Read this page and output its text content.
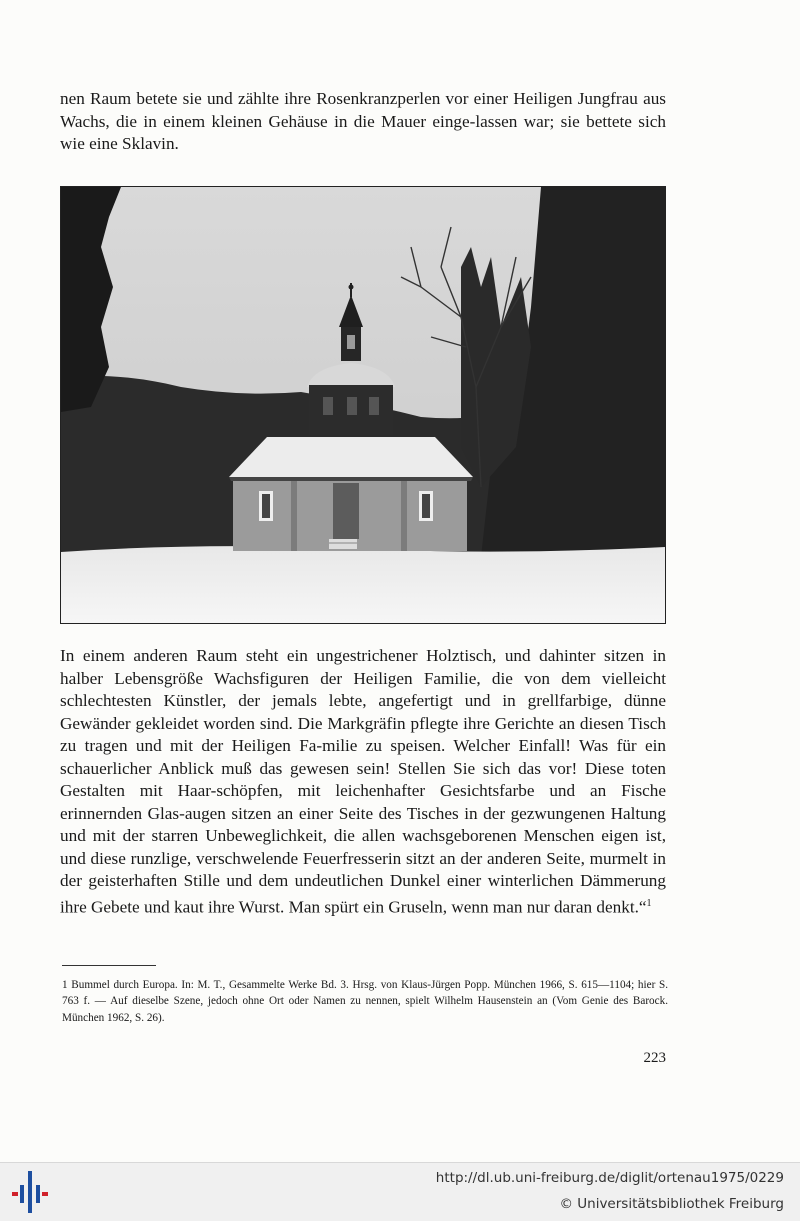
nen Raum betete sie und zählte ihre Rosenkranzperlen vor einer Heiligen Jungfrau aus Wachs, die in einem kleinen Gehäuse in die Mauer einge-lassen war; sie bettete sich wie eine Sklavin.

In einem anderen Raum steht ein ungestrichener Holztisch, und dahinter sitzen in halber Lebensgröße Wachsfiguren der Heiligen Familie, die von dem vielleicht schlechtesten Künstler, der jemals lebte, angefertigt und in grellfarbige, dünne Gewänder gekleidet worden sind. Die Markgräfin pflegte ihre Gerichte an diesen Tisch zu tragen und mit der Heiligen Fa-milie zu speisen. Welcher Einfall! Was für ein schauerlicher Anblick muß das gewesen sein! Stellen Sie sich das vor! Diese toten Gestalten mit Haar-schöpfen, mit leichenhafter Gesichtsfarbe und an Fische erinnernden Glas-augen sitzen an einer Seite des Tisches in der gezwungenen Haltung und mit der starren Unbeweglichkeit, die allen wachsgeborenen Menschen eigen ist, und diese runzlige, verschwelende Feuerfresserin sitzt an der anderen Seite, murmelt in der geisterhaften Stille und dem undeutlichen Dunkel einer winterlichen Dämmerung ihre Gebete und kaut ihre Wurst. Man spürt ein Gruseln, wenn man nur daran denkt.“$^1$

1 Bummel durch Europa. In: M. T., Gesammelte Werke Bd. 3. Hrsg. von Klaus-Jürgen Popp. München 1966, S. 615—1104; hier S. 763 f. — Auf dieselbe Szene, jedoch ohne Ort oder Namen zu nennen, spielt Wilhelm Hausenstein an (Vom Genie des Barock. München 1962, S. 26).

223
http://dl.ub.uni-freiburg.de/diglit/ortenau1975/0229
© Universitätsbibliothek Freiburg
